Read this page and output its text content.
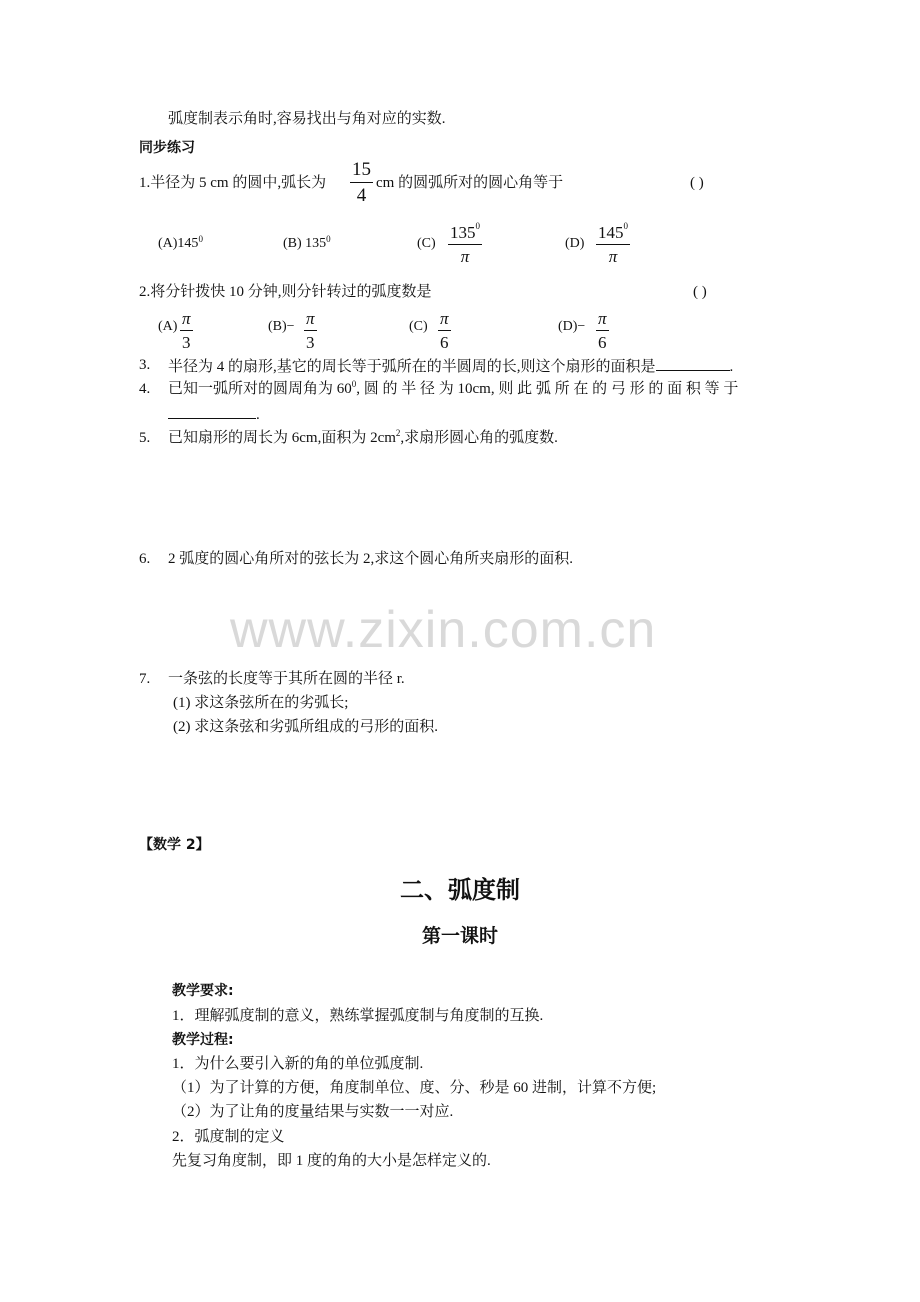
弧度制表示角时,容易找出与角对应的实数.
同步练习
1.半径为 5 cm 的圆中,弧长为
15
4
cm 的圆弧所对的圆心角等于	( )
$(A)145^0$	(B) $135^0$	(C)
$135^0$
π
(D)
$145^0$
π
2.将分针拨快 10 分钟,则分针转过的弧度数是	( )
(A) π
3
(B)− π
3
(C) π
6
(D)− π
6
3. 半径为 4 的扇形,基它的周长等于弧所在的半圆周的长,则这个扇形的面积是	.
4. 已知一弧所对的圆周角为 $60^0$, 圆 的 半 径 为 10cm, 则 此 弧 所 在 的 弓 形 的 面 积 等 于
.
5. 已知扇形的周长为 6cm,面积为 $2cm^2$,求扇形圆心角的弧度数.
6. 2 弧度的圆心角所对的弦长为 2,求这个圆心角所夹扇形的面积.
www.zixin.com.cn
7. 一条弦的长度等于其所在圆的半径 r.
(1) 求这条弦所在的劣弧长;
(2) 求这条弦和劣弧所组成的弓形的面积.
【数学 2】
二、弧度制
第一课时
教学要求:
1．理解弧度制的意义，熟练掌握弧度制与角度制的互换.
教学过程:
1．为什么要引入新的角的单位弧度制.
（1）为了计算的方便，角度制单位、度、分、秒是 60 进制，计算不方便;
（2）为了让角的度量结果与实数一一对应.
2．弧度制的定义
先复习角度制，即 1 度的角的大小是怎样定义的.
